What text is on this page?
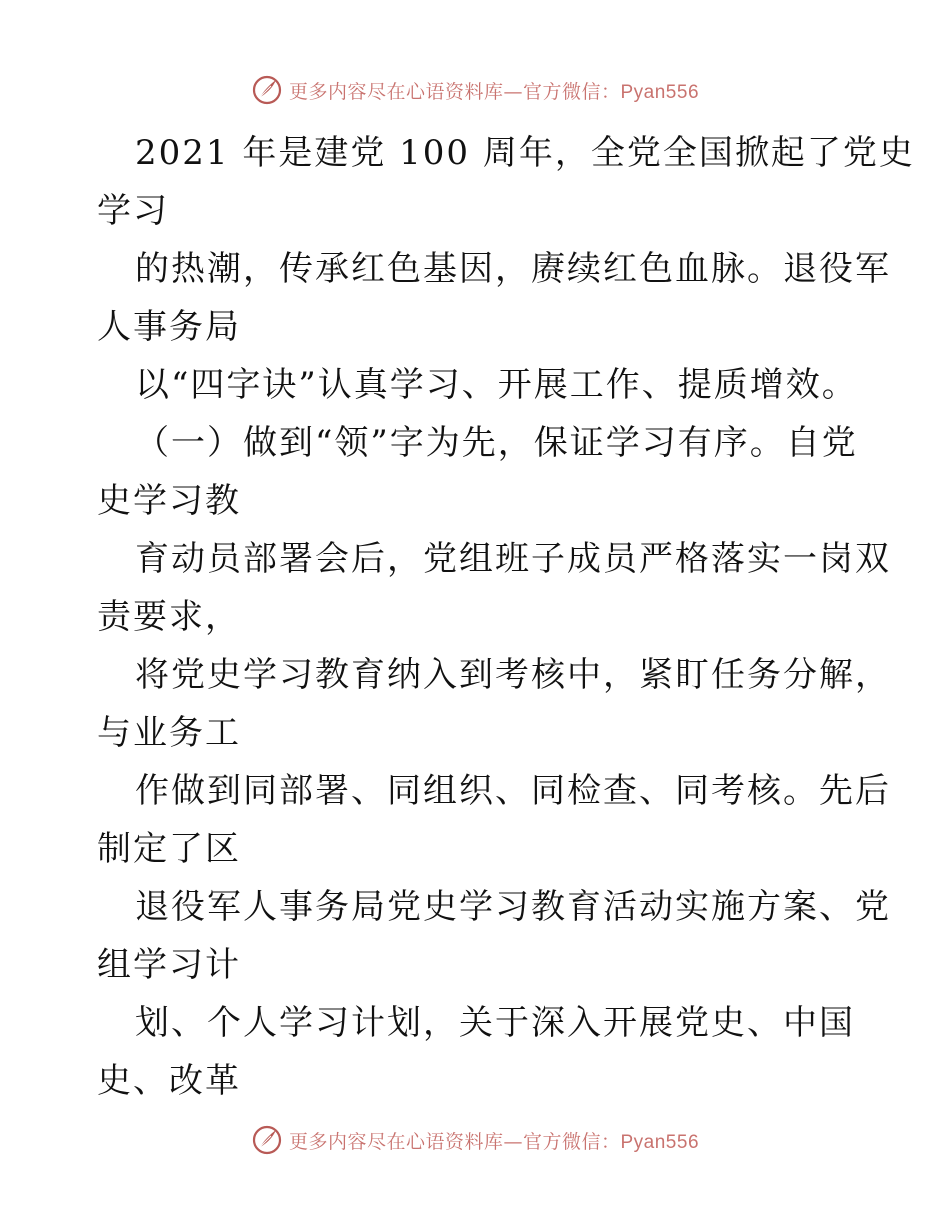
更多内容尽在心语资料库—官方微信：Pyan556
2021 年是建党 100 周年，全党全国掀起了党史
学习
的热潮，传承红色基因，赓续红色血脉。退役军
人事务局
以“四字诀”认真学习、开展工作、提质增效。
（一）做到“领”字为先，保证学习有序。自党
史学习教
育动员部署会后，党组班子成员严格落实一岗双
责要求，
将党史学习教育纳入到考核中，紧盯任务分解，
与业务工
作做到同部署、同组织、同检查、同考核。先后
制定了区
退役军人事务局党史学习教育活动实施方案、党
组学习计
划、个人学习计划，关于深入开展党史、中国
史、改革
更多内容尽在心语资料库—官方微信：Pyan556
